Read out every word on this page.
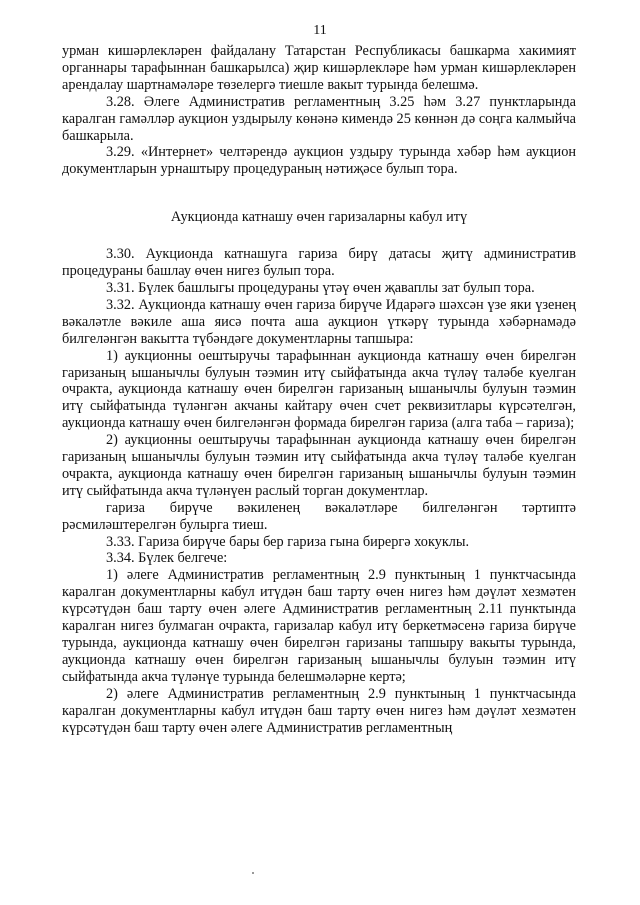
11

урман кишәрлекләрен файдалану Татарстан Республикасы башкарма хакимият органнары тарафыннан башкарылса) җир кишәрлекләре һәм урман кишәрлекләрен арендалау шартнамәләре төзелергә тиешле вакыт турында белешмә.

3.28. Әлеге Административ регламентның 3.25 һәм 3.27 пунктларында каралган гамәлләр аукцион уздырылу көнәнә кимендә 25 көннән дә соңга калмыйча башкарыла.

3.29. «Интернет» челтәрендә аукцион уздыру турында хәбәр һәм аукцион документларын урнаштыру процедураның нәтиҗәсе булып тора.

Аукционда катнашу өчен гаризаларны кабул итү

3.30. Аукционда катнашуга гариза бирү датасы җитү административ процедураны башлау өчен нигез булып тора.

3.31. Бүлек башлыгы процедураны үтәү өчен җаваплы зат булып тора.

3.32. Аукционда катнашу өчен гариза бирүче Идарәгә шәхсән үзе яки үзенең вәкаләтле вәкиле аша яисә почта аша аукцион үткәрү турында хәбәрнамәдә билгеләнгән вакытта түбәндәге документларны тапшыра:

1) аукционны оештыручы тарафыннан аукционда катнашу өчен бирелгән гаризаның ышанычлы булуын тәэмин итү сыйфатында акча түләү таләбе куелган очракта, аукционда катнашу өчен бирелгән гаризаның ышанычлы булуын тәэмин итү сыйфатында түләнгән акчаны кайтару өчен счет реквизитлары күрсәтелгән, аукционда катнашу өчен билгеләнгән формада бирелгән гариза (алга таба – гариза);

2) аукционны оештыручы тарафыннан аукционда катнашу өчен бирелгән гаризаның ышанычлы булуын тәэмин итү сыйфатында акча түләү таләбе куелган очракта, аукционда катнашу өчен бирелгән гаризаның ышанычлы булуын тәэмин итү сыйфатында акча түләнүен раслый торган документлар.

гариза бирүче вәкиленең вәкаләтләре билгеләнгән тәртиптә рәсмиләштерелгән булырга тиеш.

3.33. Гариза бирүче бары бер гариза гына бирергә хокуклы.

3.34. Бүлек белгече:

1) әлеге Административ регламентның 2.9 пунктының 1 пунктчасында каралган документларны кабул итүдән баш тарту өчен нигез һәм дәүләт хезмәтен күрсәтүдән баш тарту өчен әлеге Административ регламентның 2.11 пунктында каралган нигез булмаган очракта, гаризалар кабул итү беркетмәсенә гариза бирүче турында, аукционда катнашу өчен бирелгән гаризаны тапшыру вакыты турында, аукционда катнашу өчен бирелгән гаризаның ышанычлы булуын тәэмин итү сыйфатында акча түләнүе турында белешмәләрне кертә;

2) әлеге Административ регламентның 2.9 пунктының 1 пунктчасында каралган документларны кабул итүдән баш тарту өчен нигез һәм дәүләт хезмәтен күрсәтүдән баш тарту өчен әлеге Административ регламентның
